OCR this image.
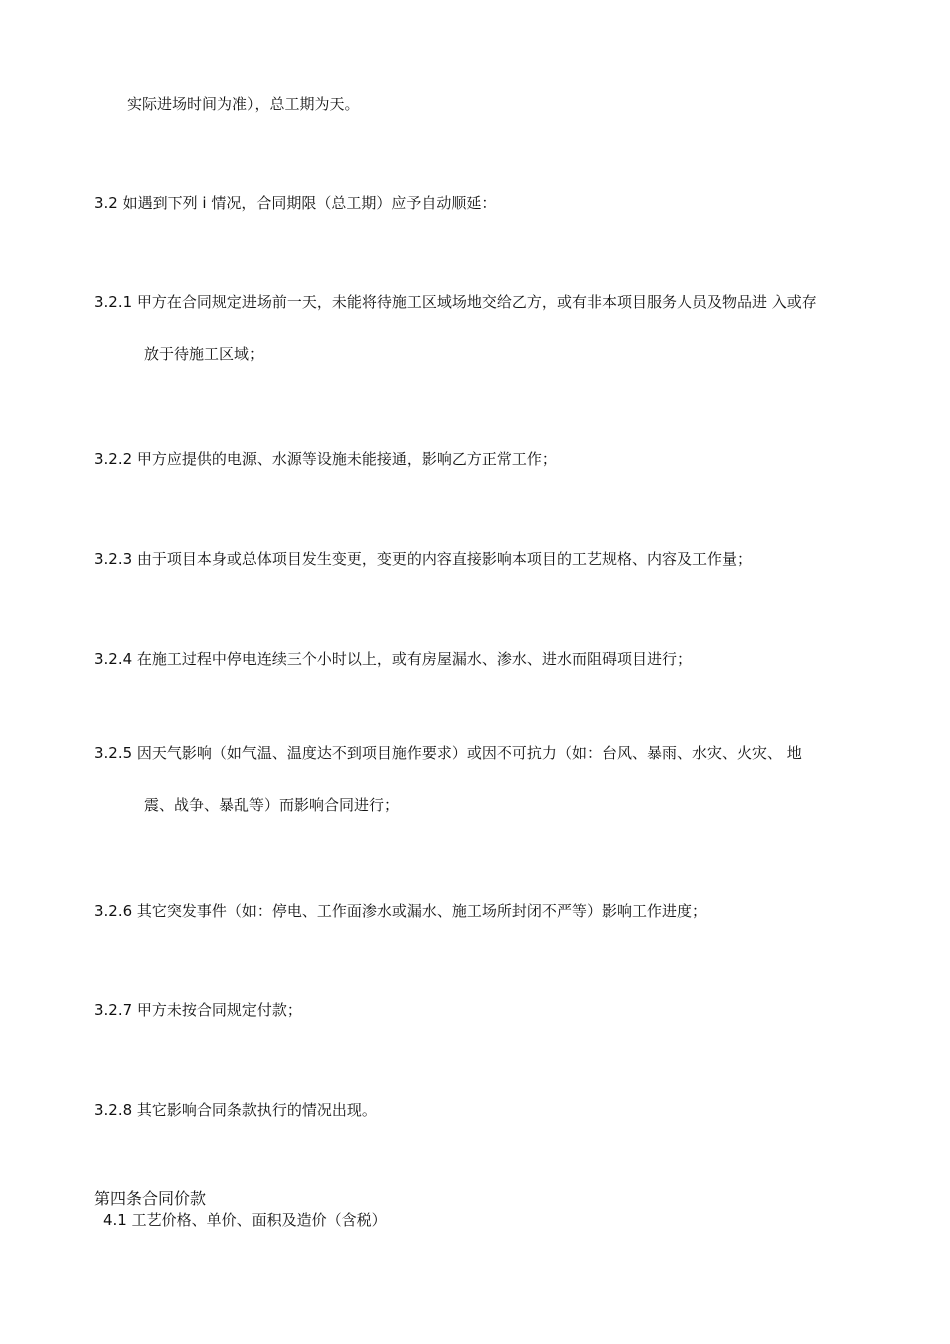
实际进场时间为准），总工期为天。
3.2 如遇到下列 i 情况，合同期限（总工期）应予自动顺延：
3.2.1 甲方在合同规定进场前一天，未能将待施工区域场地交给乙方，或有非本项目服务人员及物品进 入或存
放于待施工区域；
3.2.2 甲方应提供的电源、水源等设施未能接通，影响乙方正常工作；
3.2.3 由于项目本身或总体项目发生变更，变更的内容直接影响本项目的工艺规格、内容及工作量；
3.2.4 在施工过程中停电连续三个小时以上，或有房屋漏水、渗水、进水而阻碍项目进行；
3.2.5 因天气影响（如气温、温度达不到项目施作要求）或因不可抗力（如：台风、暴雨、水灾、火灾、 地
震、战争、暴乱等）而影响合同进行；
3.2.6 其它突发事件（如：停电、工作面渗水或漏水、施工场所封闭不严等）影响工作进度；
3.2.7 甲方未按合同规定付款；
3.2.8 其它影响合同条款执行的情况出现。
第四条合同价款
4.1 工艺价格、单价、面积及造价（含税）
